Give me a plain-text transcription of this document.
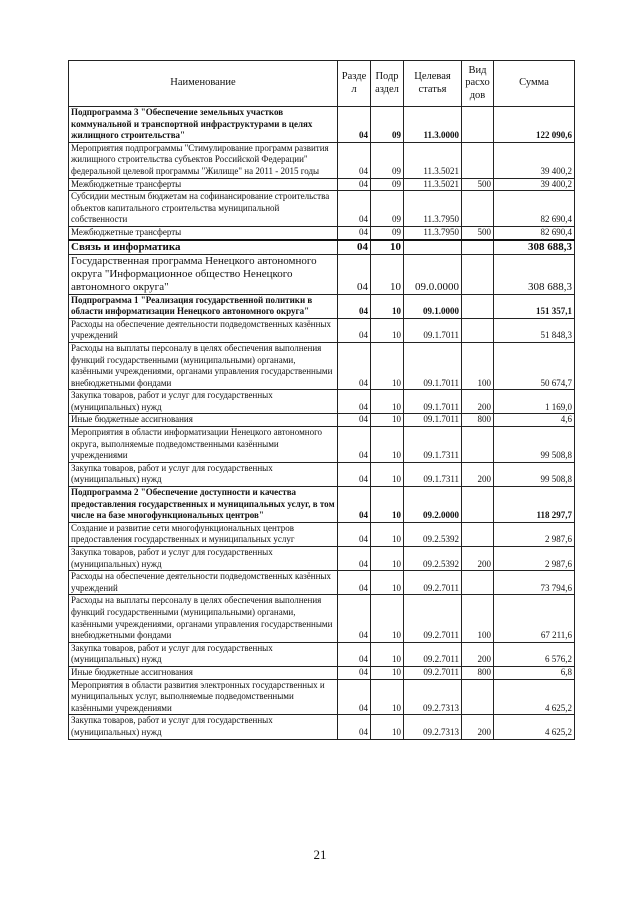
Наименование	Разде л	Подр аздел	Целевая статья	Вид расхо дов	Сумма
Подпрограмма 3 "Обеспечение земельных участков коммунальной и транспортной инфраструктурами в целях жилищного строительства"	04	09	11.3.0000		122 090,6
Мероприятия подпрограммы "Стимулирование программ развития жилищного строительства субъектов Российской Федерации" федеральной целевой программы "Жилище" на 2011 - 2015 годы	04	09	11.3.5021		39 400,2
Межбюджетные трансферты	04	09	11.3.5021	500	39 400,2
Субсидии местным бюджетам на софинансирование строительства объектов капитального строительства муниципальной собственности	04	09	11.3.7950		82 690,4
Межбюджетные трансферты	04	09	11.3.7950	500	82 690,4
Связь и информатика	04	10			308 688,3
Государственная программа Ненецкого автономного округа "Информационное общество Ненецкого автономного округа"	04	10	09.0.0000		308 688,3
Подпрограмма 1 "Реализация государственной политики в области информатизации Ненецкого автономного округа"	04	10	09.1.0000		151 357,1
Расходы на обеспечение деятельности подведомственных казённых учреждений	04	10	09.1.7011		51 848,3
Расходы на выплаты персоналу в целях обеспечения выполнения функций государственными (муниципальными) органами, казёнными учреждениями, органами управления государственными внебюджетными фондами	04	10	09.1.7011	100	50 674,7
Закупка товаров, работ и услуг для государственных (муниципальных) нужд	04	10	09.1.7011	200	1 169,0
Иные бюджетные ассигнования	04	10	09.1.7011	800	4,6
Мероприятия в области информатизации Ненецкого автономного округа, выполняемые подведомственными казёнными учреждениями	04	10	09.1.7311		99 508,8
Закупка товаров, работ и услуг для государственных (муниципальных) нужд	04	10	09.1.7311	200	99 508,8
Подпрограмма 2 "Обеспечение доступности и качества предоставления государственных и муниципальных услуг, в том числе на базе многофункциональных центров"	04	10	09.2.0000		118 297,7
Создание и развитие сети многофункциональных центров предоставления государственных и муниципальных услуг	04	10	09.2.5392		2 987,6
Закупка товаров, работ и услуг для государственных (муниципальных) нужд	04	10	09.2.5392	200	2 987,6
Расходы на обеспечение деятельности подведомственных казённых учреждений	04	10	09.2.7011		73 794,6
Расходы на выплаты персоналу в целях обеспечения выполнения функций государственными (муниципальными) органами, казёнными учреждениями, органами управления государственными внебюджетными фондами	04	10	09.2.7011	100	67 211,6
Закупка товаров, работ и услуг для государственных (муниципальных) нужд	04	10	09.2.7011	200	6 576,2
Иные бюджетные ассигнования	04	10	09.2.7011	800	6,8
Мероприятия в области развития электронных государственных и муниципальных услуг, выполняемые подведомственными казёнными учреждениями	04	10	09.2.7313		4 625,2
Закупка товаров, работ и услуг для государственных (муниципальных) нужд	04	10	09.2.7313	200	4 625,2
21
